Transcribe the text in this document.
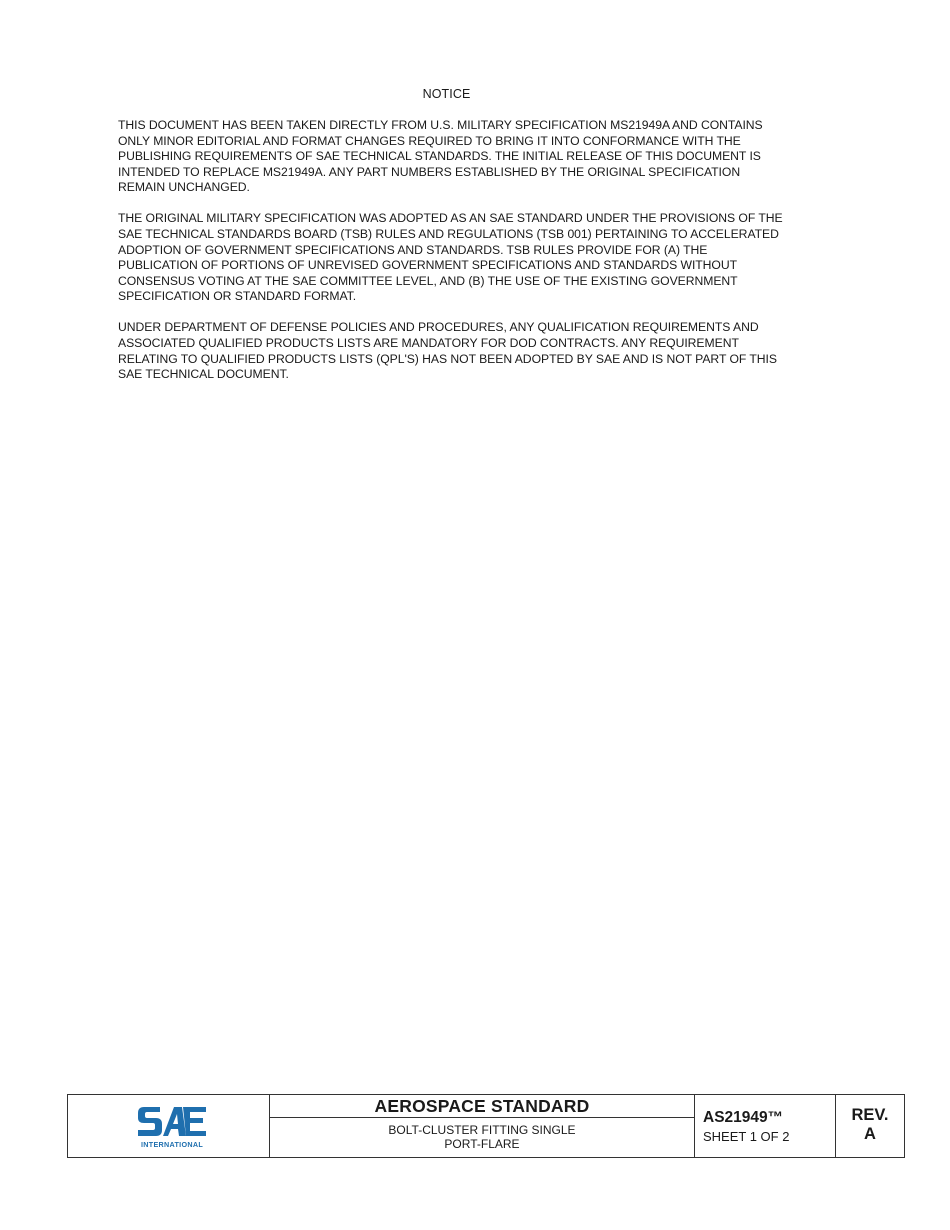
NOTICE

THIS DOCUMENT HAS BEEN TAKEN DIRECTLY FROM U.S. MILITARY SPECIFICATION MS21949A AND CONTAINS ONLY MINOR EDITORIAL AND FORMAT CHANGES REQUIRED TO BRING IT INTO CONFORMANCE WITH THE PUBLISHING REQUIREMENTS OF SAE TECHNICAL STANDARDS. THE INITIAL RELEASE OF THIS DOCUMENT IS INTENDED TO REPLACE MS21949A. ANY PART NUMBERS ESTABLISHED BY THE ORIGINAL SPECIFICATION REMAIN UNCHANGED.

THE ORIGINAL MILITARY SPECIFICATION WAS ADOPTED AS AN SAE STANDARD UNDER THE PROVISIONS OF THE SAE TECHNICAL STANDARDS BOARD (TSB) RULES AND REGULATIONS (TSB 001) PERTAINING TO ACCELERATED ADOPTION OF GOVERNMENT SPECIFICATIONS AND STANDARDS. TSB RULES PROVIDE FOR (A) THE PUBLICATION OF PORTIONS OF UNREVISED GOVERNMENT SPECIFICATIONS AND STANDARDS WITHOUT CONSENSUS VOTING AT THE SAE COMMITTEE LEVEL, AND (B) THE USE OF THE EXISTING GOVERNMENT SPECIFICATION OR STANDARD FORMAT.

UNDER DEPARTMENT OF DEFENSE POLICIES AND PROCEDURES, ANY QUALIFICATION REQUIREMENTS AND ASSOCIATED QUALIFIED PRODUCTS LISTS ARE MANDATORY FOR DOD CONTRACTS. ANY REQUIREMENT RELATING TO QUALIFIED PRODUCTS LISTS (QPL'S) HAS NOT BEEN ADOPTED BY SAE AND IS NOT PART OF THIS SAE TECHNICAL DOCUMENT.

INTERNATIONAL
AEROSPACE STANDARD
BOLT-CLUSTER FITTING SINGLE
PORT-FLARE
AS21949™
SHEET 1 OF 2
REV.
A
